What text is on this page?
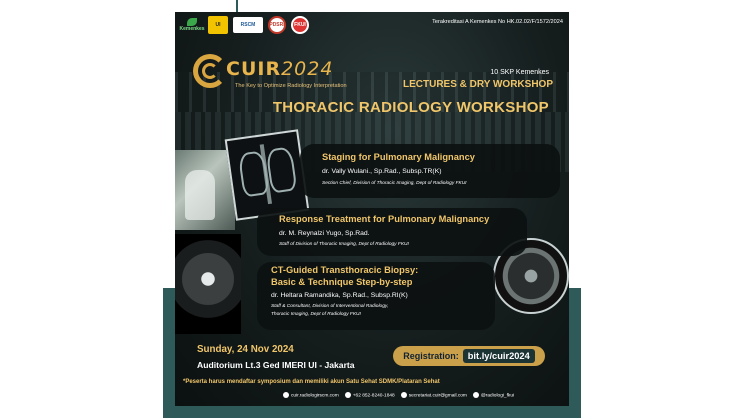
Kemenkes
UI	RSCM	PDSRI	FKUI	Terakreditasi A Kemenkes No HK.02.02/F/1572/2024
CUIR2024
The Key to Optimize Radiology Interpretation
10 SKP Kemenkes
LECTURES & DRY WORKSHOP
THORACIC RADIOLOGY WORKSHOP
Staging for Pulmonary Malignancy
dr. Vally Wulani., Sp.Rad., Subsp.TR(K)
Section Chief, Division of Thoracic Imaging, Dept of Radiology FKUI
Response Treatment for Pulmonary Malignancy
dr. M. Reynalzi Yugo, Sp.Rad.
Staff of Division of Thoracic Imaging, Dept of Radiology FKUI
CT-Guided Transthoracic Biopsy:
Basic & Technique Step-by-step
dr. Heltara Ramandika, Sp.Rad., Subsp.RI(K)
Staff & Consultant, Division of Interventional Radiology,
Thoracic Imaging, Dept of Radiology FKUI
Sunday, 24 Nov 2024
Auditorium Lt.3 Ged IMERI UI - Jakarta
Registration: bit.ly/cuir2024
*Peserta harus mendaftar symposium dan memiliki akun Satu Sehat SDMK/Plataran Sehat
cuir.radiologirscm.com	+62 852-8240-1848	secretariat.cuir@gmail.com	@radiologi_fkui
